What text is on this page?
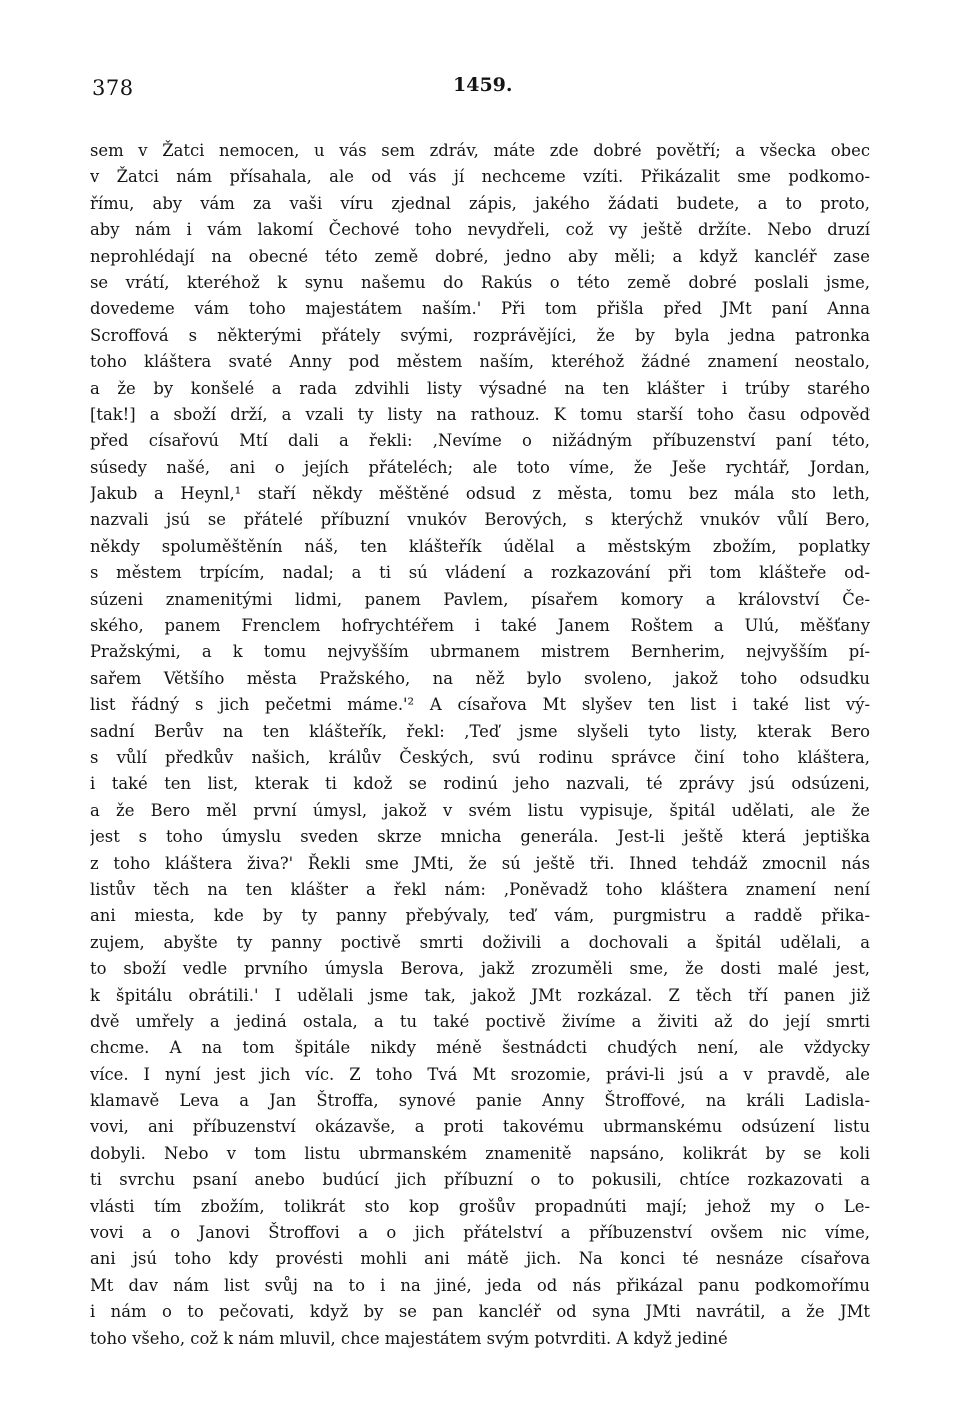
378	1459.
sem v Žatci nemocen, u vás sem zdráv, máte zde dobré povětří; a všecka obec
v Žatci nám přísahala, ale od vás jí nechceme vzíti. Přikázalit sme podkomo-
římu, aby vám za vaši víru zjednal zápis, jakého žádati budete, a to proto,
aby nám i vám lakomí Čechové toho nevydřeli, což vy ještě držíte. Nebo druzí
neprohlédají na obecné této země dobré, jedno aby měli; a když kancléř zase
se vrátí, kteréhož k synu našemu do Rakús o této země dobré poslali jsme,
dovedeme vám toho majestátem naším.' Při tom přišla před JMt paní Anna
Scroffová s některými přátely svými, rozprávějíci, že by byla jedna patronka
toho kláštera svaté Anny pod městem naším, kteréhož žádné znamení neostalo,
a že by konšelé a rada zdvihli listy výsadné na ten klášter i trúby starého
[tak!] a sboží drží, a vzali ty listy na rathouz. K tomu starší toho času odpověď
před císařovú Mtí dali a řekli: ,Nevíme o nižádným příbuzenství paní této,
súsedy našé, ani o jejích přáteléch; ale toto víme, že Ješe rychtář, Jordan,
Jakub a Heynl,¹ staří někdy měštěné odsud z města, tomu bez mála sto leth,
nazvali jsú se přátelé příbuzní vnukóv Berových, s kterýchž vnukóv vůlí Bero,
někdy spoluměštěnín náš, ten klášteřík údělal a městským zbožím, poplatky
s městem trpícím, nadal; a ti sú vládení a rozkazování při tom klášteře od-
súzeni znamenitými lidmi, panem Pavlem, písařem komory a království Če-
ského, panem Frenclem hofrychtéřem i také Janem Roštem a Ulú, měšťany
Pražskými, a k tomu nejvyšším ubrmanem mistrem Bernherim, nejvyšším pí-
sařem Většího města Pražského, na něž bylo svoleno, jakož toho odsudku
list řádný s jich pečetmi máme.'² A císařova Mt slyšev ten list i také list vý-
sadní Berův na ten klášteřík, řekl: ,Teď jsme slyšeli tyto listy, kterak Bero
s vůlí předkův našich, králův Českých, svú rodinu správce činí toho kláštera,
i také ten list, kterak ti kdož se rodinú jeho nazvali, té zprávy jsú odsúzeni,
a že Bero měl první úmysl, jakož v svém listu vypisuje, špitál udělati, ale že
jest s toho úmyslu sveden skrze mnicha generála. Jest-li ještě která jeptiška
z toho kláštera živa?' Řekli sme JMti, že sú ještě tři. Ihned tehdáž zmocnil nás
listův těch na ten klášter a řekl nám: ,Poněvadž toho kláštera znamení není
ani miesta, kde by ty panny přebývaly, teď vám, purgmistru a raddě přika-
zujem, abyšte ty panny poctivě smrti doživili a dochovali a špitál udělali, a
to sboží vedle prvního úmysla Berova, jakž zrozuměli sme, že dosti malé jest,
k špitálu obrátili.' I udělali jsme tak, jakož JMt rozkázal. Z těch tří panen již
dvě umřely a jediná ostala, a tu také poctivě živíme a živiti až do její smrti
chcme. A na tom špitále nikdy méně šestnádcti chudých není, ale vždycky
více. I nyní jest jich víc. Z toho Tvá Mt srozomie, právi-li jsú a v pravdě, ale
klamavě Leva a Jan Štroffa, synové panie Anny Štroffové, na králi Ladisla-
vovi, ani příbuzenství okázavše, a proti takovému ubrmanskému odsúzení listu
dobyli. Nebo v tom listu ubrmanském znamenitě napsáno, kolikrát by se koli
ti svrchu psaní anebo budúcí jich příbuzní o to pokusili, chtíce rozkazovati a
vlásti tím zbožím, tolikrát sto kop grošův propadnúti mají; jehož my o Le-
vovi a o Janovi Štroffovi a o jich přátelství a příbuzenství ovšem nic víme,
ani jsú toho kdy provésti mohli ani mátě jich. Na konci té nesnáze císařova
Mt dav nám list svůj na to i na jiné, jeda od nás přikázal panu podkomořímu
i nám o to pečovati, když by se pan kancléř od syna JMti navrátil, a že JMt
toho všeho, což k nám mluvil, chce majestátem svým potvrditi. A když jediné
